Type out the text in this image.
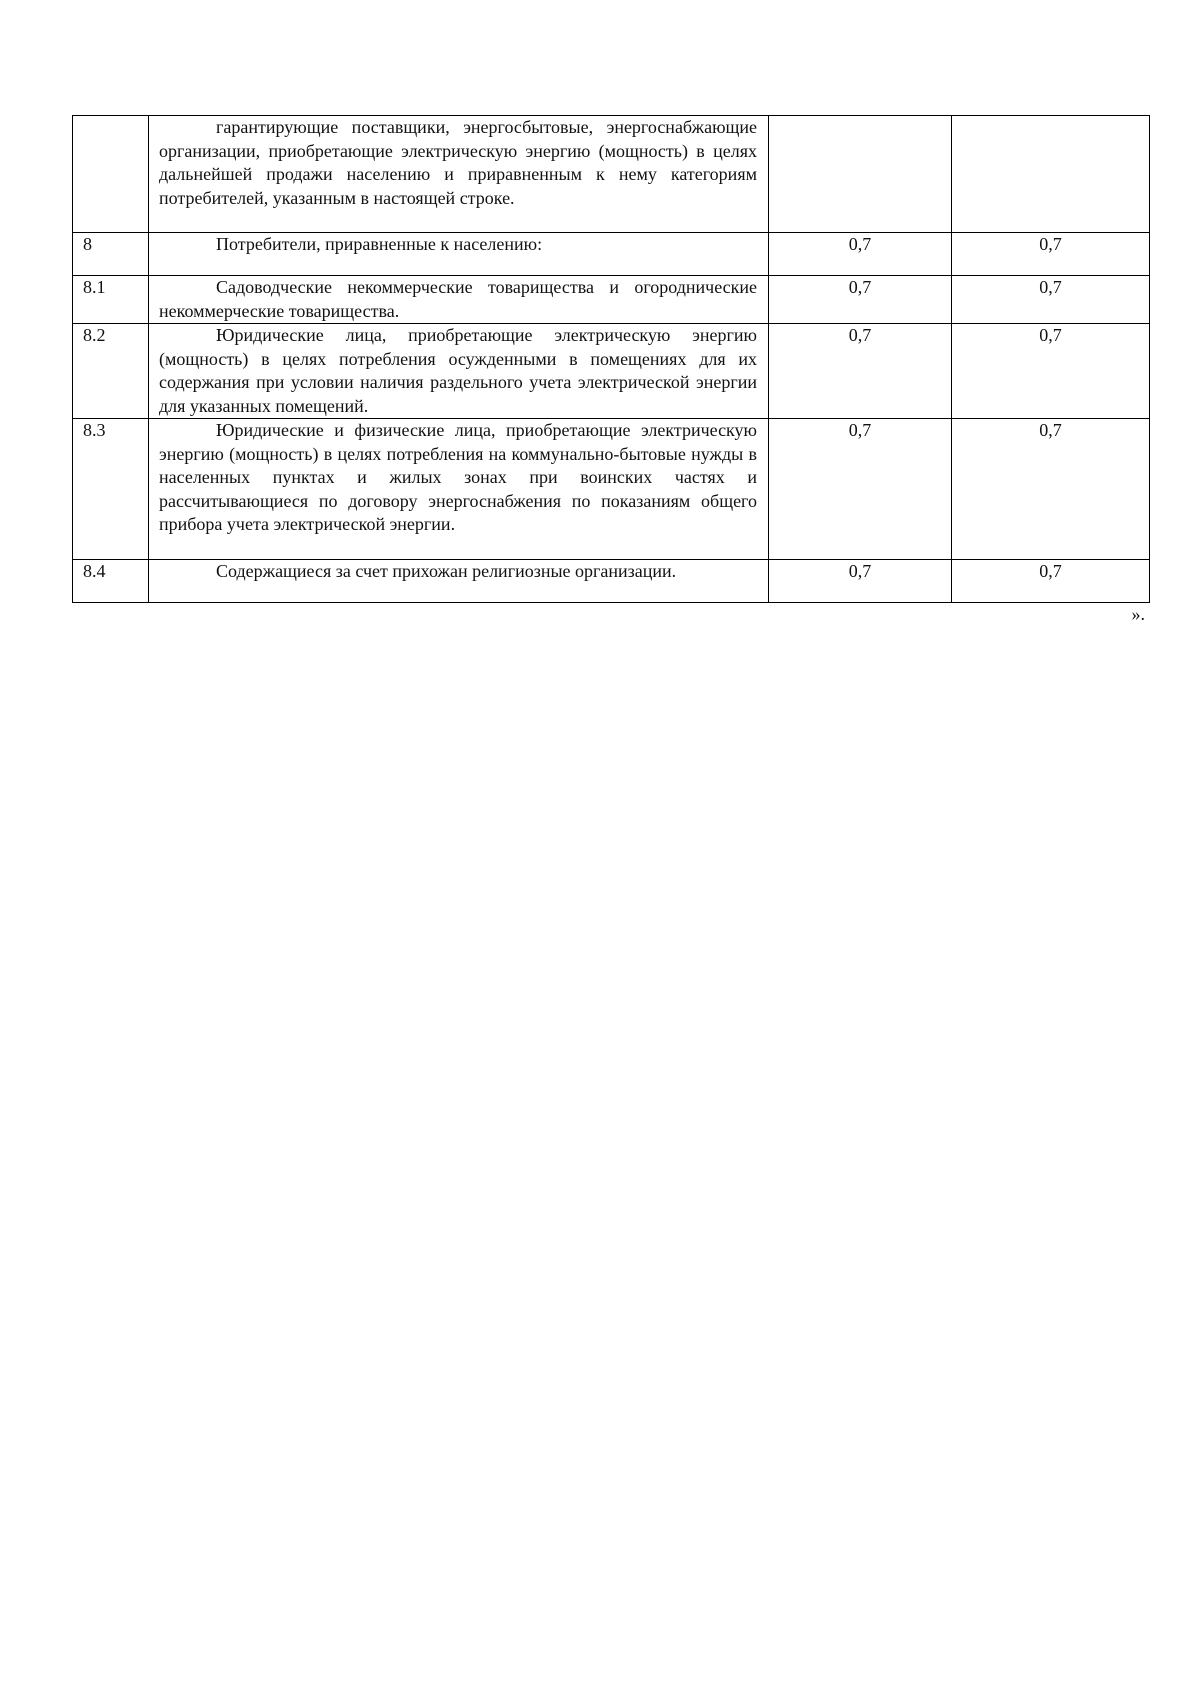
	гарантирующие поставщики, энергосбытовые, энергоснабжающие организации, приобретающие электрическую энергию (мощность) в целях дальнейшей продажи населению и приравненным к нему категориям потребителей, указанным в настоящей строке.		

8	Потребители, приравненные к населению:	0,7	0,7
8.1	Садоводческие некоммерческие товарищества и огороднические некоммерческие товарищества.	0,7	0,7
8.2	Юридические лица, приобретающие электрическую энергию (мощность) в целях потребления осужденными в помещениях для их содержания при условии наличия раздельного учета электрической энергии для указанных помещений.	0,7	0,7
8.3	Юридические и физические лица, приобретающие электрическую энергию (мощность) в целях потребления на коммунально-бытовые нужды в населенных пунктах и жилых зонах при воинских частях и рассчитывающиеся по договору энергоснабжения по показаниям общего прибора учета электрической энергии.	0,7	0,7
8.4	Содержащиеся за счет прихожан религиозные организации.	0,7	0,7
».
